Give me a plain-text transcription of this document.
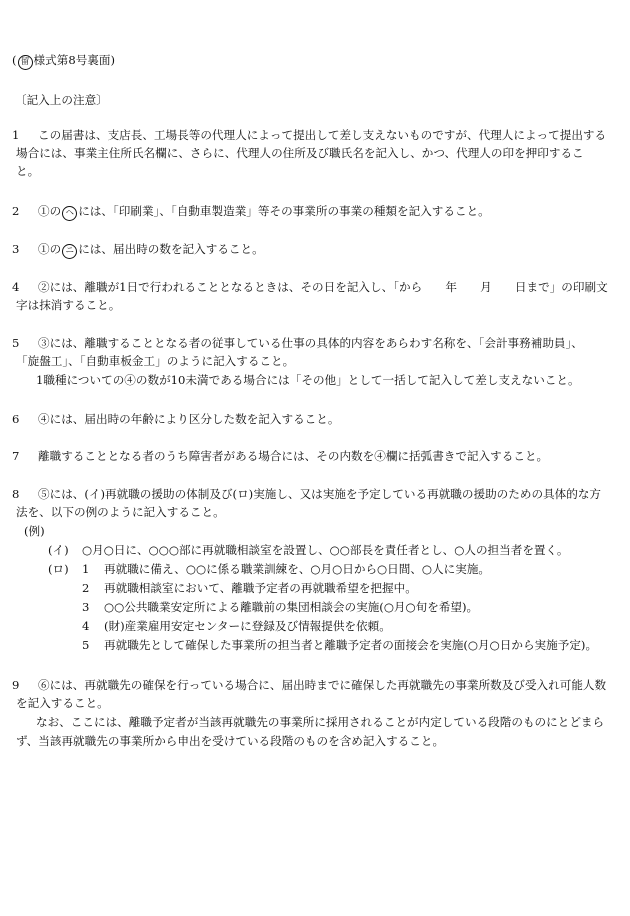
( 留 様式第8号裏面)
〔記入上の注意〕
1 この届書は、支店長、工場長等の代理人によって提出して差し支えないものですが、代理人によって提出する
場合には、事業主住所氏名欄に、さらに、代理人の住所及び職氏名を記入し、かつ、代理人の印を押印するこ
と。
2 ①の ヘ には、「印刷業」、「自動車製造業」等その事業所の事業の種類を記入すること。
3 ①の ニ には、届出時の数を記入すること。
4 ②には、離職が1日で行われることとなるときは、その日を記入し、「から　　年　　月　　日まで」の印刷文
字は抹消すること。
5 ③には、離職することとなる者の従事している仕事の具体的内容をあらわす名称を、「会計事務補助員」、
「旋盤工」、「自動車板金工」のように記入すること。
1職種についての④の数が10未満である場合には「その他」として一括して記入して差し支えないこと。
6 ④には、届出時の年齢により区分した数を記入すること。
7 離職することとなる者のうち障害者がある場合には、その内数を④欄に括弧書きで記入すること。
8 ⑤には、(イ)再就職の援助の体制及び(ロ)実施し、又は実施を予定している再就職の援助のための具体的な方
法を、以下の例のように記入すること。
(例)
(イ) ○月○日に、○○○部に再就職相談室を設置し、○○部長を責任者とし、○人の担当者を置く。
(ロ) 1 再就職に備え、○○に係る職業訓練を、○月○日から○日間、○人に実施。
2 再就職相談室において、離職予定者の再就職希望を把握中。
3 ○○公共職業安定所による離職前の集団相談会の実施(○月○旬を希望)。
4 (財)産業雇用安定センターに登録及び情報提供を依頼。
5 再就職先として確保した事業所の担当者と離職予定者の面接会を実施(○月○日から実施予定)。
9 ⑥には、再就職先の確保を行っている場合に、届出時までに確保した再就職先の事業所数及び受入れ可能人数
を記入すること。
なお、ここには、離職予定者が当該再就職先の事業所に採用されることが内定している段階のものにとどまら
ず、当該再就職先の事業所から申出を受けている段階のものを含め記入すること。
